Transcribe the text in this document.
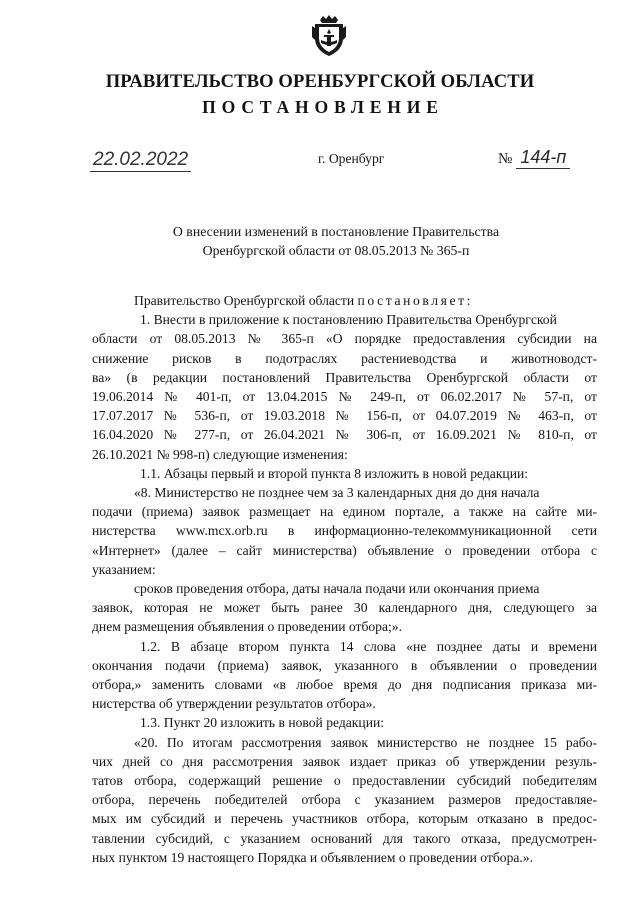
ПРАВИТЕЛЬСТВО ОРЕНБУРГСКОЙ ОБЛАСТИ
ПОСТАНОВЛЕНИЕ
22.02.2022	г. Оренбург	№ 144-п
О внесении изменений в постановление Правительства
Оренбургской области от 08.05.2013 № 365-п
Правительство Оренбургской области постановляет:
1. Внести в приложение к постановлению Правительства Оренбургской
области от 08.05.2013 № 365-п «О порядке предоставления субсидии на
снижение рисков в подотраслях растениеводства и животноводст-
ва» (в редакции постановлений Правительства Оренбургской области от
19.06.2014 № 401-п, от 13.04.2015 № 249-п, от 06.02.2017 № 57-п, от
17.07.2017 № 536-п, от 19.03.2018 № 156-п, от 04.07.2019 № 463-п, от
16.04.2020 № 277-п, от 26.04.2021 № 306-п, от 16.09.2021 № 810-п, от
26.10.2021 № 998-п) следующие изменения:
1.1. Абзацы первый и второй пункта 8 изложить в новой редакции:
«8. Министерство не позднее чем за 3 календарных дня до дня начала
подачи (приема) заявок размещает на едином портале, а также на сайте ми-
нистерства www.mcx.orb.ru в информационно-телекоммуникационной сети
«Интернет» (далее – сайт министерства) объявление о проведении отбора с
указанием:
сроков проведения отбора, даты начала подачи или окончания приема
заявок, которая не может быть ранее 30 календарного дня, следующего за
днем размещения объявления о проведении отбора;».
1.2. В абзаце втором пункта 14 слова «не позднее даты и времени
окончания подачи (приема) заявок, указанного в объявлении о проведении
отбора,» заменить словами «в любое время до дня подписания приказа ми-
нистерства об утверждении результатов отбора».
1.3. Пункт 20 изложить в новой редакции:
«20. По итогам рассмотрения заявок министерство не позднее 15 рабо-
чих дней со дня рассмотрения заявок издает приказ об утверждении резуль-
татов отбора, содержащий решение о предоставлении субсидий победителям
отбора, перечень победителей отбора с указанием размеров предоставляе-
мых им субсидий и перечень участников отбора, которым отказано в предос-
тавлении субсидий, с указанием оснований для такого отказа, предусмотрен-
ных пунктом 19 настоящего Порядка и объявлением о проведении отбора.».
